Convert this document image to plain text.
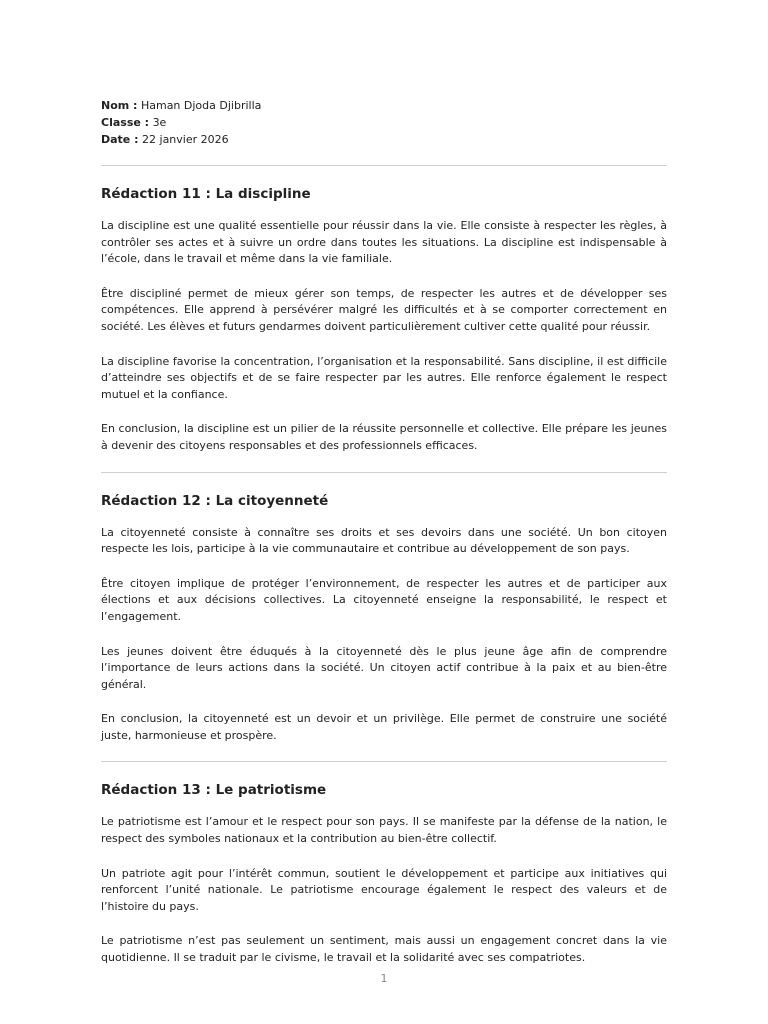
Nom : Haman Djoda Djibrilla

Classe : 3e

Date : 22 janvier 2026

Rédaction 11 : La discipline

La discipline est une qualité essentielle pour réussir dans la vie. Elle consiste à respecter les règles, à contrôler ses actes et à suivre un ordre dans toutes les situations. La discipline est indispensable à l’école, dans le travail et même dans la vie familiale.

Être discipliné permet de mieux gérer son temps, de respecter les autres et de développer ses compétences. Elle apprend à persévérer malgré les difficultés et à se comporter correctement en société. Les élèves et futurs gendarmes doivent particulièrement cultiver cette qualité pour réussir.

La discipline favorise la concentration, l’organisation et la responsabilité. Sans discipline, il est difficile d’atteindre ses objectifs et de se faire respecter par les autres. Elle renforce également le respect mutuel et la confiance.

En conclusion, la discipline est un pilier de la réussite personnelle et collective. Elle prépare les jeunes à devenir des citoyens responsables et des professionnels efficaces.

Rédaction 12 : La citoyenneté

La citoyenneté consiste à connaître ses droits et ses devoirs dans une société. Un bon citoyen respecte les lois, participe à la vie communautaire et contribue au développement de son pays.

Être citoyen implique de protéger l’environnement, de respecter les autres et de participer aux élections et aux décisions collectives. La citoyenneté enseigne la responsabilité, le respect et l’engagement.

Les jeunes doivent être éduqués à la citoyenneté dès le plus jeune âge afin de comprendre l’importance de leurs actions dans la société. Un citoyen actif contribue à la paix et au bien-être général.

En conclusion, la citoyenneté est un devoir et un privilège. Elle permet de construire une société juste, harmonieuse et prospère.

Rédaction 13 : Le patriotisme

Le patriotisme est l’amour et le respect pour son pays. Il se manifeste par la défense de la nation, le respect des symboles nationaux et la contribution au bien-être collectif.

Un patriote agit pour l’intérêt commun, soutient le développement et participe aux initiatives qui renforcent l’unité nationale. Le patriotisme encourage également le respect des valeurs et de l’histoire du pays.

Le patriotisme n’est pas seulement un sentiment, mais aussi un engagement concret dans la vie quotidienne. Il se traduit par le civisme, le travail et la solidarité avec ses compatriotes.

1
